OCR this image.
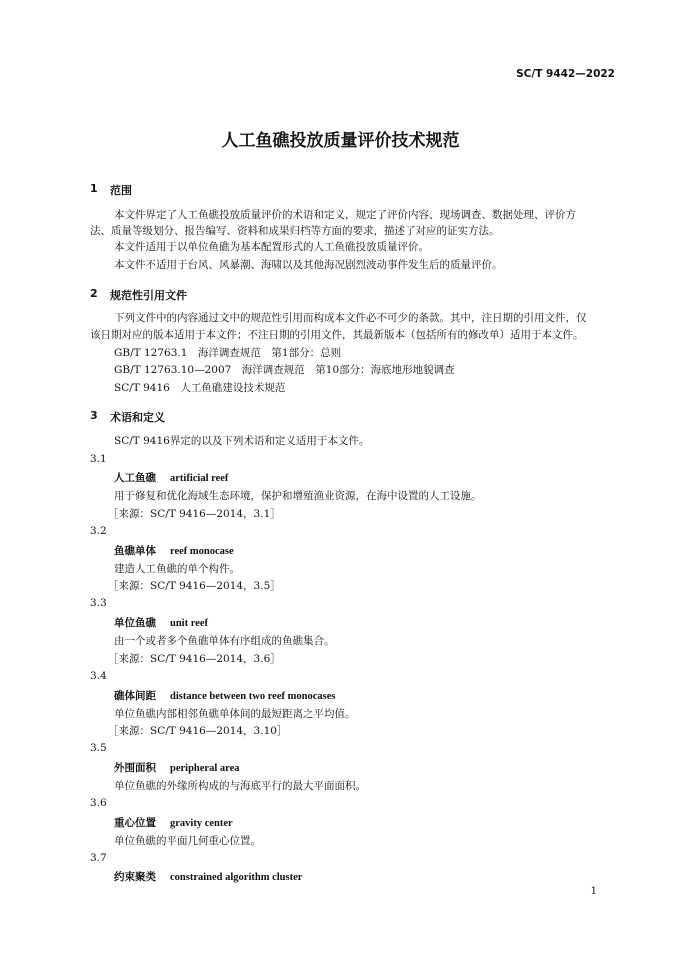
SC/T 9442—2022
人工鱼礁投放质量评价技术规范
1 范围
本文件界定了人工鱼礁投放质量评价的术语和定义，规定了评价内容、现场调查、数据处理、评价方
法、质量等级划分、报告编写、资料和成果归档等方面的要求，描述了对应的证实方法。
本文件适用于以单位鱼礁为基本配置形式的人工鱼礁投放质量评价。
本文件不适用于台风、风暴潮、海啸以及其他海况剧烈波动事件发生后的质量评价。
2 规范性引用文件
下列文件中的内容通过文中的规范性引用而构成本文件必不可少的条款。其中，注日期的引用文件，仅
该日期对应的版本适用于本文件；不注日期的引用文件，其最新版本（包括所有的修改单）适用于本文件。
GB/T 12763.1　海洋调查规范　第1部分：总则
GB/T 12763.10—2007　海洋调查规范　第10部分：海底地形地貌调查
SC/T 9416　人工鱼礁建设技术规范
3 术语和定义
SC/T 9416界定的以及下列术语和定义适用于本文件。
3.1
人工鱼礁 artificial reef
用于修复和优化海域生态环境，保护和增殖渔业资源，在海中设置的人工设施。
［来源：SC/T 9416—2014，3.1］
3.2
鱼礁单体 reef monocase
建造人工鱼礁的单个构件。
［来源：SC/T 9416—2014，3.5］
3.3
单位鱼礁 unit reef
由一个或者多个鱼礁单体有序组成的鱼礁集合。
［来源：SC/T 9416—2014，3.6］
3.4
礁体间距 distance between two reef monocases
单位鱼礁内部相邻鱼礁单体间的最短距离之平均值。
［来源：SC/T 9416—2014，3.10］
3.5
外围面积 peripheral area
单位鱼礁的外缘所构成的与海底平行的最大平面面积。
3.6
重心位置 gravity center
单位鱼礁的平面几何重心位置。
3.7
约束聚类 constrained algorithm cluster
1
